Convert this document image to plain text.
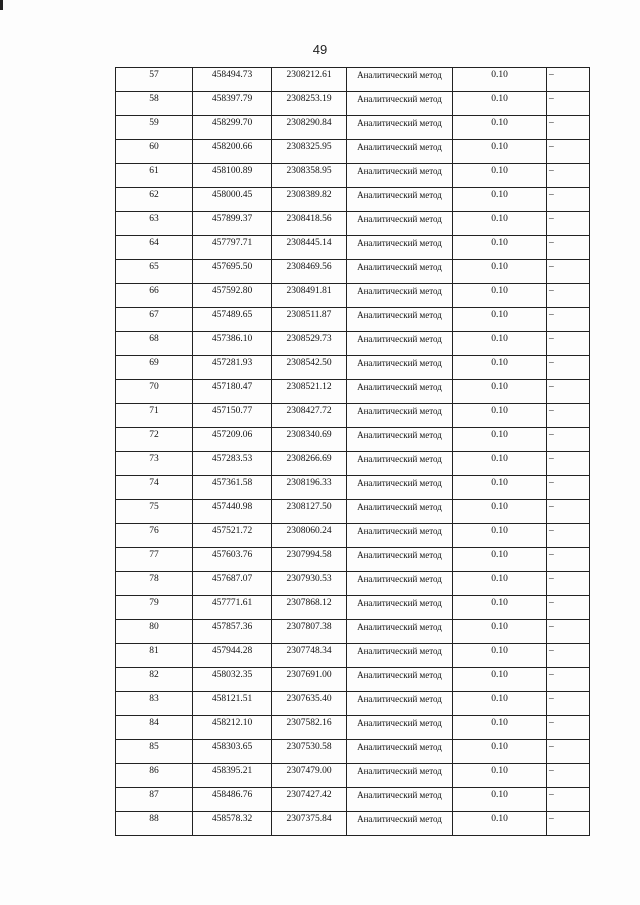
49
57	458494.73	2308212.61	Аналитический метод	0.10	–
58	458397.79	2308253.19	Аналитический метод	0.10	–
59	458299.70	2308290.84	Аналитический метод	0.10	–
60	458200.66	2308325.95	Аналитический метод	0.10	–
61	458100.89	2308358.95	Аналитический метод	0.10	–
62	458000.45	2308389.82	Аналитический метод	0.10	–
63	457899.37	2308418.56	Аналитический метод	0.10	–
64	457797.71	2308445.14	Аналитический метод	0.10	–
65	457695.50	2308469.56	Аналитический метод	0.10	–
66	457592.80	2308491.81	Аналитический метод	0.10	–
67	457489.65	2308511.87	Аналитический метод	0.10	–
68	457386.10	2308529.73	Аналитический метод	0.10	–
69	457281.93	2308542.50	Аналитический метод	0.10	–
70	457180.47	2308521.12	Аналитический метод	0.10	–
71	457150.77	2308427.72	Аналитический метод	0.10	–
72	457209.06	2308340.69	Аналитический метод	0.10	–
73	457283.53	2308266.69	Аналитический метод	0.10	–
74	457361.58	2308196.33	Аналитический метод	0.10	–
75	457440.98	2308127.50	Аналитический метод	0.10	–
76	457521.72	2308060.24	Аналитический метод	0.10	–
77	457603.76	2307994.58	Аналитический метод	0.10	–
78	457687.07	2307930.53	Аналитический метод	0.10	–
79	457771.61	2307868.12	Аналитический метод	0.10	–
80	457857.36	2307807.38	Аналитический метод	0.10	–
81	457944.28	2307748.34	Аналитический метод	0.10	–
82	458032.35	2307691.00	Аналитический метод	0.10	–
83	458121.51	2307635.40	Аналитический метод	0.10	–
84	458212.10	2307582.16	Аналитический метод	0.10	–
85	458303.65	2307530.58	Аналитический метод	0.10	–
86	458395.21	2307479.00	Аналитический метод	0.10	–
87	458486.76	2307427.42	Аналитический метод	0.10	–
88	458578.32	2307375.84	Аналитический метод	0.10	–
